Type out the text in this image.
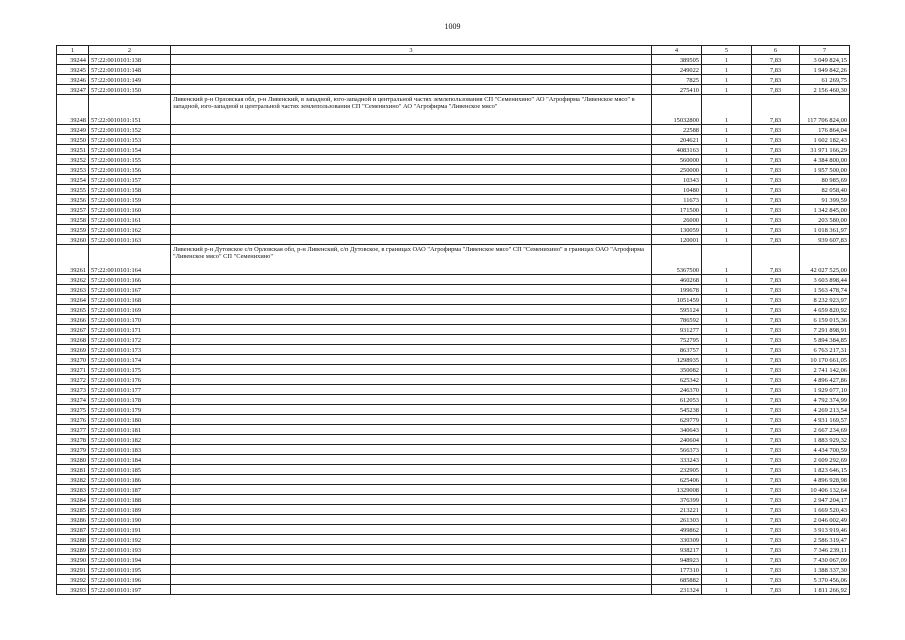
1009
1	2	3	4	5	6	7
39244	57:22:0010101:138		389505	1	7,83	3 049 824,15
39245	57:22:0010101:148		249022	1	7,83	1 949 842,26
39246	57:22:0010101:149		7825	1	7,83	61 269,75
39247	57:22:0010101:150		275410	1	7,83	2 156 460,30
39248	57:22:0010101:151	Ливенский р-н Орловская обл, р-н Ливенский, в западной, юго-западной и центральной частях землепользования СП "Семенихино" АО "Агрофирма "Ливенское мясо" в западной, юго-западной и центральной частях землепользования СП "Семенихино" АО "Агрофирма "Ливенское мясо"	15032800	1	7,83	117 706 824,00
39249	57:22:0010101:152		22588	1	7,83	176 864,04
39250	57:22:0010101:153		204621	1	7,83	1 602 182,43
39251	57:22:0010101:154		4083163	1	7,83	31 971 166,29
39252	57:22:0010101:155		560000	1	7,83	4 384 800,00
39253	57:22:0010101:156		250000	1	7,83	1 957 500,00
39254	57:22:0010101:157		10343	1	7,83	80 985,69
39255	57:22:0010101:158		10480	1	7,83	82 058,40
39256	57:22:0010101:159		11673	1	7,83	91 399,59
39257	57:22:0010101:160		171500	1	7,83	1 342 845,00
39258	57:22:0010101:161		26000	1	7,83	203 580,00
39259	57:22:0010101:162		130059	1	7,83	1 018 361,97
39260	57:22:0010101:163		120001	1	7,83	939 607,83
39261	57:22:0010101:164	Ливенский р-н Дутовское с/п Орловская обл, р-н Ливенский, с/п Дутовское, в границах ОАО "Агрофирма "Ливенское мясо" СП "Семенихино" в границах ОАО "Агрофирма "Ливенское мясо" СП "Семенихино"	5367500	1	7,83	42 027 525,00
39262	57:22:0010101:166		460268	1	7,83	3 603 898,44
39263	57:22:0010101:167		199678	1	7,83	1 563 478,74
39264	57:22:0010101:168		1051459	1	7,83	8 232 923,97
39265	57:22:0010101:169		595124	1	7,83	4 659 820,92
39266	57:22:0010101:170		786592	1	7,83	6 159 015,36
39267	57:22:0010101:171		931277	1	7,83	7 291 898,91
39268	57:22:0010101:172		752795	1	7,83	5 894 384,85
39269	57:22:0010101:173		863757	1	7,83	6 763 217,31
39270	57:22:0010101:174		1298935	1	7,83	10 170 661,05
39271	57:22:0010101:175		350082	1	7,83	2 741 142,06
39272	57:22:0010101:176		625342	1	7,83	4 896 427,86
39273	57:22:0010101:177		246370	1	7,83	1 929 077,10
39274	57:22:0010101:178		612053	1	7,83	4 792 374,99
39275	57:22:0010101:179		545238	1	7,83	4 269 213,54
39276	57:22:0010101:180		629779	1	7,83	4 931 169,57
39277	57:22:0010101:181		340643	1	7,83	2 667 234,69
39278	57:22:0010101:182		240604	1	7,83	1 883 929,32
39279	57:22:0010101:183		566373	1	7,83	4 434 700,59
39280	57:22:0010101:184		333243	1	7,83	2 609 292,69
39281	57:22:0010101:185		232905	1	7,83	1 823 646,15
39282	57:22:0010101:186		625406	1	7,83	4 896 928,98
39283	57:22:0010101:187		1329008	1	7,83	10 406 132,64
39284	57:22:0010101:188		376399	1	7,83	2 947 204,17
39285	57:22:0010101:189		213221	1	7,83	1 669 520,43
39286	57:22:0010101:190		261303	1	7,83	2 046 002,49
39287	57:22:0010101:191		499862	1	7,83	3 913 919,46
39288	57:22:0010101:192		330309	1	7,83	2 586 319,47
39289	57:22:0010101:193		938217	1	7,83	7 346 239,11
39290	57:22:0010101:194		948923	1	7,83	7 430 067,09
39291	57:22:0010101:195		177310	1	7,83	1 388 337,30
39292	57:22:0010101:196		685882	1	7,83	5 370 456,06
39293	57:22:0010101:197		231324	1	7,83	1 811 266,92
